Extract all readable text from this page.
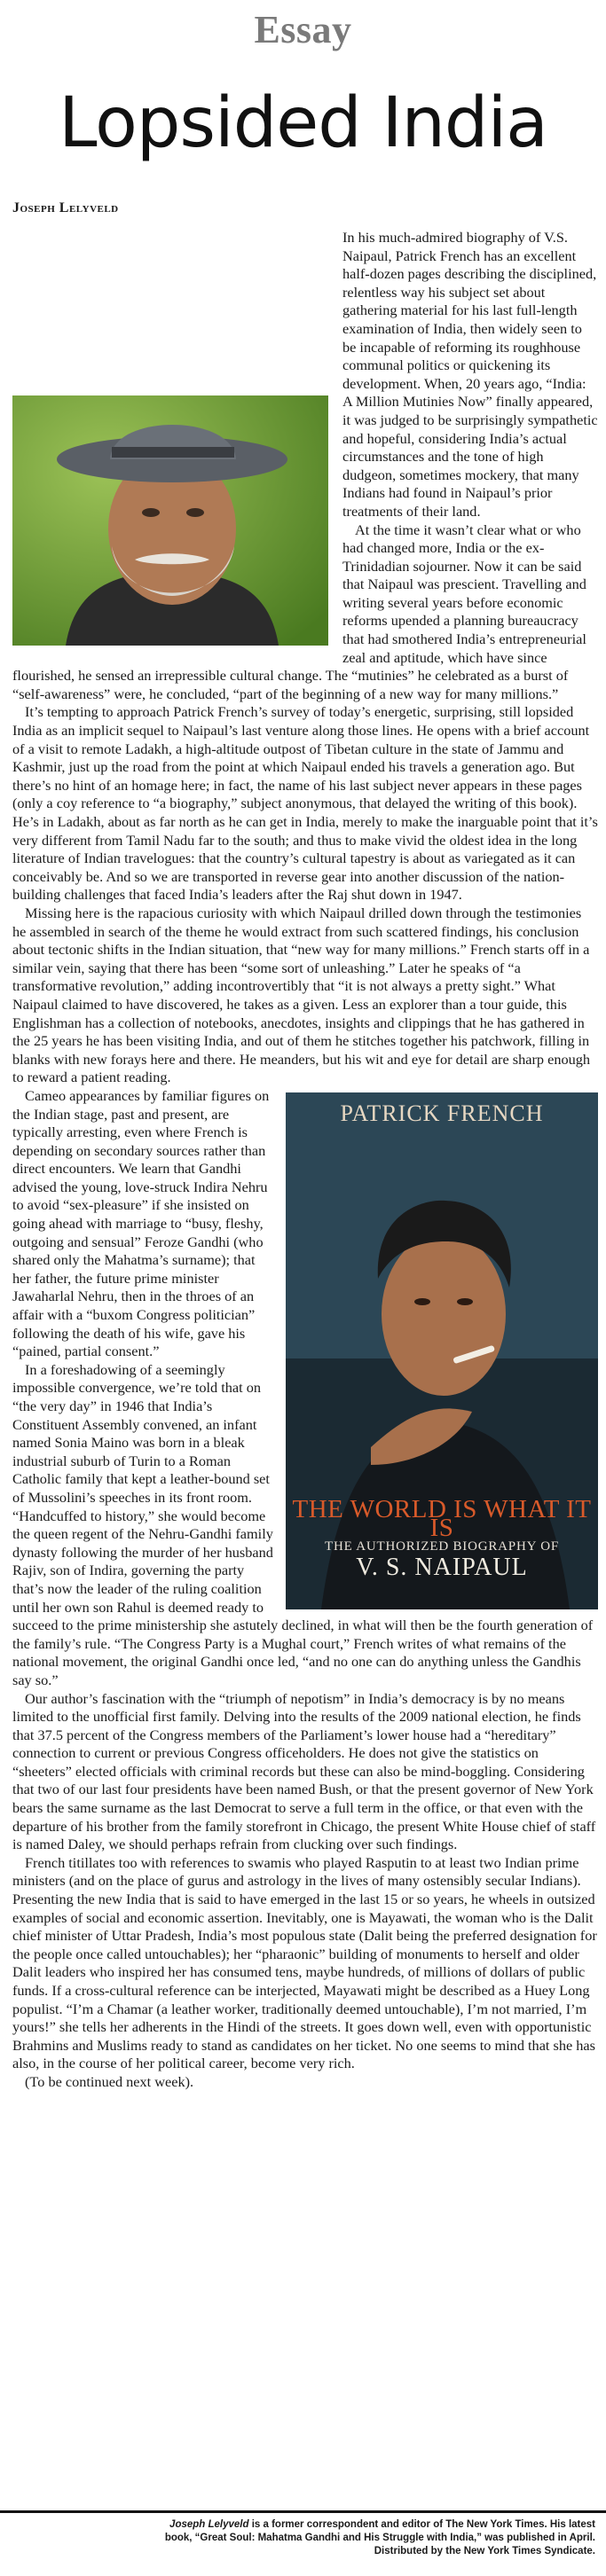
Essay
Lopsided India
Joseph Lelyveld

In his much-admired biography of V.S. Naipaul, Patrick French has an excellent half-dozen pages describing the disciplined, relentless way his subject set about gathering material for his last full-length examination of India, then widely seen to be incapable of reforming its roughhouse communal politics or quickening its development. When, 20 years ago, “India: A Million Mutinies Now” finally appeared, it was judged to be surprisingly sympathetic and hopeful, considering India’s actual circumstances and the tone of high dudgeon, sometimes mockery, that many Indians had found in Naipaul’s prior treatments of their land.

At the time it wasn’t clear what or who had changed more, India or the ex-Trinidadian sojourner. Now it can be said that Naipaul was prescient. Travelling and writing several years before economic reforms upended a planning bureaucracy that had smothered India’s entrepreneurial zeal and aptitude, which have since flourished, he sensed an irrepressible cultural change. The “mutinies” he celebrated as a burst of “self-awareness” were, he concluded, “part of the beginning of a new way for many millions.”

It’s tempting to approach Patrick French’s survey of today’s energetic, surprising, still lopsided India as an implicit sequel to Naipaul’s last venture along those lines. He opens with a brief account of a visit to remote Ladakh, a high-altitude outpost of Tibetan culture in the state of Jammu and Kashmir, just up the road from the point at which Naipaul ended his travels a generation ago. But there’s no hint of an homage here; in fact, the name of his last subject never appears in these pages (only a coy reference to “a biography,” subject anonymous, that delayed the writing of this book). He’s in Ladakh, about as far north as he can get in India, merely to make the inarguable point that it’s very different from Tamil Nadu far to the south; and thus to make vivid the oldest idea in the long literature of Indian travelogues: that the country’s cultural tapestry is about as variegated as it can conceivably be. And so we are transported in reverse gear into another discussion of the nation-building challenges that faced India’s leaders after the Raj shut down in 1947.

Missing here is the rapacious curiosity with which Naipaul drilled down through the testimonies he assembled in search of the theme he would extract from such scattered findings, his conclusion about tectonic shifts in the Indian situation, that “new way for many millions.” French starts off in a similar vein, saying that there has been “some sort of unleashing.” Later he speaks of “a transformative revolution,” adding incontrovertibly that “it is not always a pretty sight.” What Naipaul claimed to have discovered, he takes as a given. Less an explorer than a tour guide, this Englishman has a collection of notebooks, anecdotes, insights and clippings that he has gathered in the 25 years he has been visiting India, and out of them he stitches together his patchwork, filling in blanks with new forays here and there. He meanders, but his wit and eye for detail are sharp enough to reward a patient reading.

PATRICK FRENCH
THE WORLD IS WHAT IT IS
THE AUTHORIZED BIOGRAPHY OF
V. S. NAIPAUL

Cameo appearances by familiar figures on the Indian stage, past and present, are typically arresting, even where French is depending on secondary sources rather than direct encounters. We learn that Gandhi advised the young, love-struck Indira Nehru to avoid “sex-pleasure” if she insisted on going ahead with marriage to “busy, fleshy, outgoing and sensual” Feroze Gandhi (who shared only the Mahatma’s surname); that her father, the future prime minister Jawaharlal Nehru, then in the throes of an affair with a “buxom Congress politician” following the death of his wife, gave his “pained, partial consent.”

In a foreshadowing of a seemingly impossible convergence, we’re told that on “the very day” in 1946 that India’s Constituent Assembly convened, an infant named Sonia Maino was born in a bleak industrial suburb of Turin to a Roman Catholic family that kept a leather-bound set of Mussolini’s speeches in its front room. “Handcuffed to history,” she would become the queen regent of the Nehru-Gandhi family dynasty following the murder of her husband Rajiv, son of Indira, governing the party that’s now the leader of the ruling coalition until her own son Rahul is deemed ready to succeed to the prime ministership she astutely declined, in what will then be the fourth generation of the family’s rule. “The Congress Party is a Mughal court,” French writes of what remains of the national movement, the original Gandhi once led, “and no one can do anything unless the Gandhis say so.”

Our author’s fascination with the “triumph of nepotism” in India’s democracy is by no means limited to the unofficial first family. Delving into the results of the 2009 national election, he finds that 37.5 percent of the Congress members of the Parliament’s lower house had a “hereditary” connection to current or previous Congress officeholders. He does not give the statistics on “sheeters” elected officials with criminal records but these can also be mind-boggling. Considering that two of our last four presidents have been named Bush, or that the present governor of New York bears the same surname as the last Democrat to serve a full term in the office, or that even with the departure of his brother from the family storefront in Chicago, the present White House chief of staff is named Daley, we should perhaps refrain from clucking over such findings.

French titillates too with references to swamis who played Rasputin to at least two Indian prime ministers (and on the place of gurus and astrology in the lives of many ostensibly secular Indians). Presenting the new India that is said to have emerged in the last 15 or so years, he wheels in outsized examples of social and economic assertion. Inevitably, one is Mayawati, the woman who is the Dalit chief minister of Uttar Pradesh, India’s most populous state (Dalit being the preferred designation for the people once called untouchables); her “pharaonic” building of monuments to herself and older Dalit leaders who inspired her has consumed tens, maybe hundreds, of millions of dollars of public funds. If a cross-cultural reference can be interjected, Mayawati might be described as a Huey Long populist. “I’m a Chamar (a leather worker, traditionally deemed untouchable), I’m not married, I’m yours!” she tells her adherents in the Hindi of the streets. It goes down well, even with opportunistic Brahmins and Muslims ready to stand as candidates on her ticket. No one seems to mind that she has also, in the course of her political career, become very rich.

(To be continued next week).

Joseph Lelyveld is a former correspondent and editor of The New York Times. His latest
book, “Great Soul: Mahatma Gandhi and His Struggle with India,” was published in April.
Distributed by the New York Times Syndicate.
